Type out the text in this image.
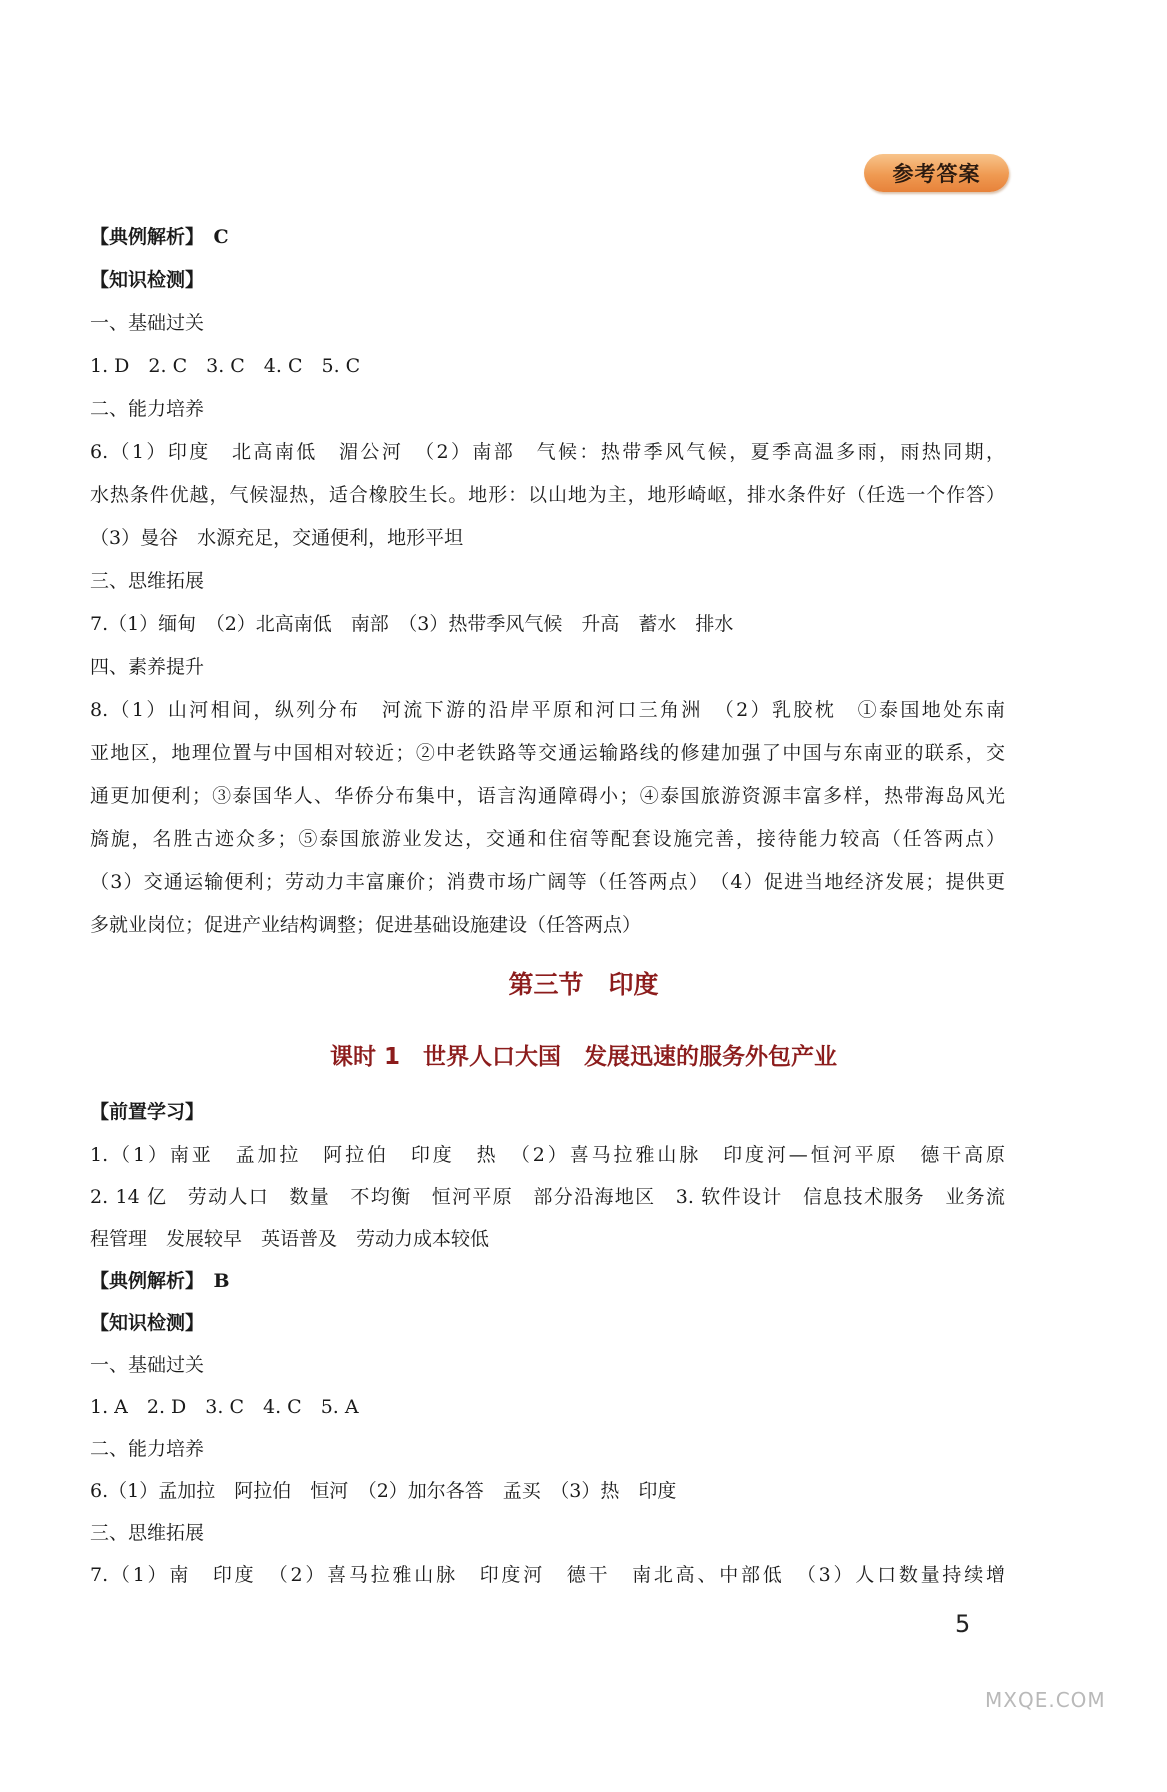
参考答案
【典例解析】　C
【知识检测】
一、基础过关
1. D　2. C　3. C　4. C　5. C
二、能力培养
6.（1）印度　北高南低　湄公河　（2）南部　气候：热带季风气候，夏季高温多雨，雨热同期，
水热条件优越，气候湿热，适合橡胶生长。地形：以山地为主，地形崎岖，排水条件好（任选一个作答）
（3）曼谷　水源充足，交通便利，地形平坦
三、思维拓展
7.（1）缅甸　（2）北高南低　南部　（3）热带季风气候　升高　蓄水　排水
四、素养提升
8.（1）山河相间，纵列分布　河流下游的沿岸平原和河口三角洲　（2）乳胶枕　①泰国地处东南
亚地区，地理位置与中国相对较近；②中老铁路等交通运输路线的修建加强了中国与东南亚的联系，交
通更加便利；③泰国华人、华侨分布集中，语言沟通障碍小；④泰国旅游资源丰富多样，热带海岛风光
旖旎，名胜古迹众多；⑤泰国旅游业发达，交通和住宿等配套设施完善，接待能力较高（任答两点）
（3）交通运输便利；劳动力丰富廉价；消费市场广阔等（任答两点）　（4）促进当地经济发展；提供更
多就业岗位；促进产业结构调整；促进基础设施建设（任答两点）
第三节　印度
课时 1　世界人口大国　发展迅速的服务外包产业
【前置学习】
1.（1）南亚　孟加拉　阿拉伯　印度　热　（2）喜马拉雅山脉　印度河—恒河平原　德干高原
2. 14 亿　劳动人口　数量　不均衡　恒河平原　部分沿海地区　3. 软件设计　信息技术服务　业务流
程管理　发展较早　英语普及　劳动力成本较低
【典例解析】　B
【知识检测】
一、基础过关
1. A　2. D　3. C　4. C　5. A
二、能力培养
6.（1）孟加拉　阿拉伯　恒河　（2）加尔各答　孟买　（3）热　印度
三、思维拓展
7.（1）南　印度　（2）喜马拉雅山脉　印度河　德干　南北高、中部低　（3）人口数量持续增
5
MXQE.COM
